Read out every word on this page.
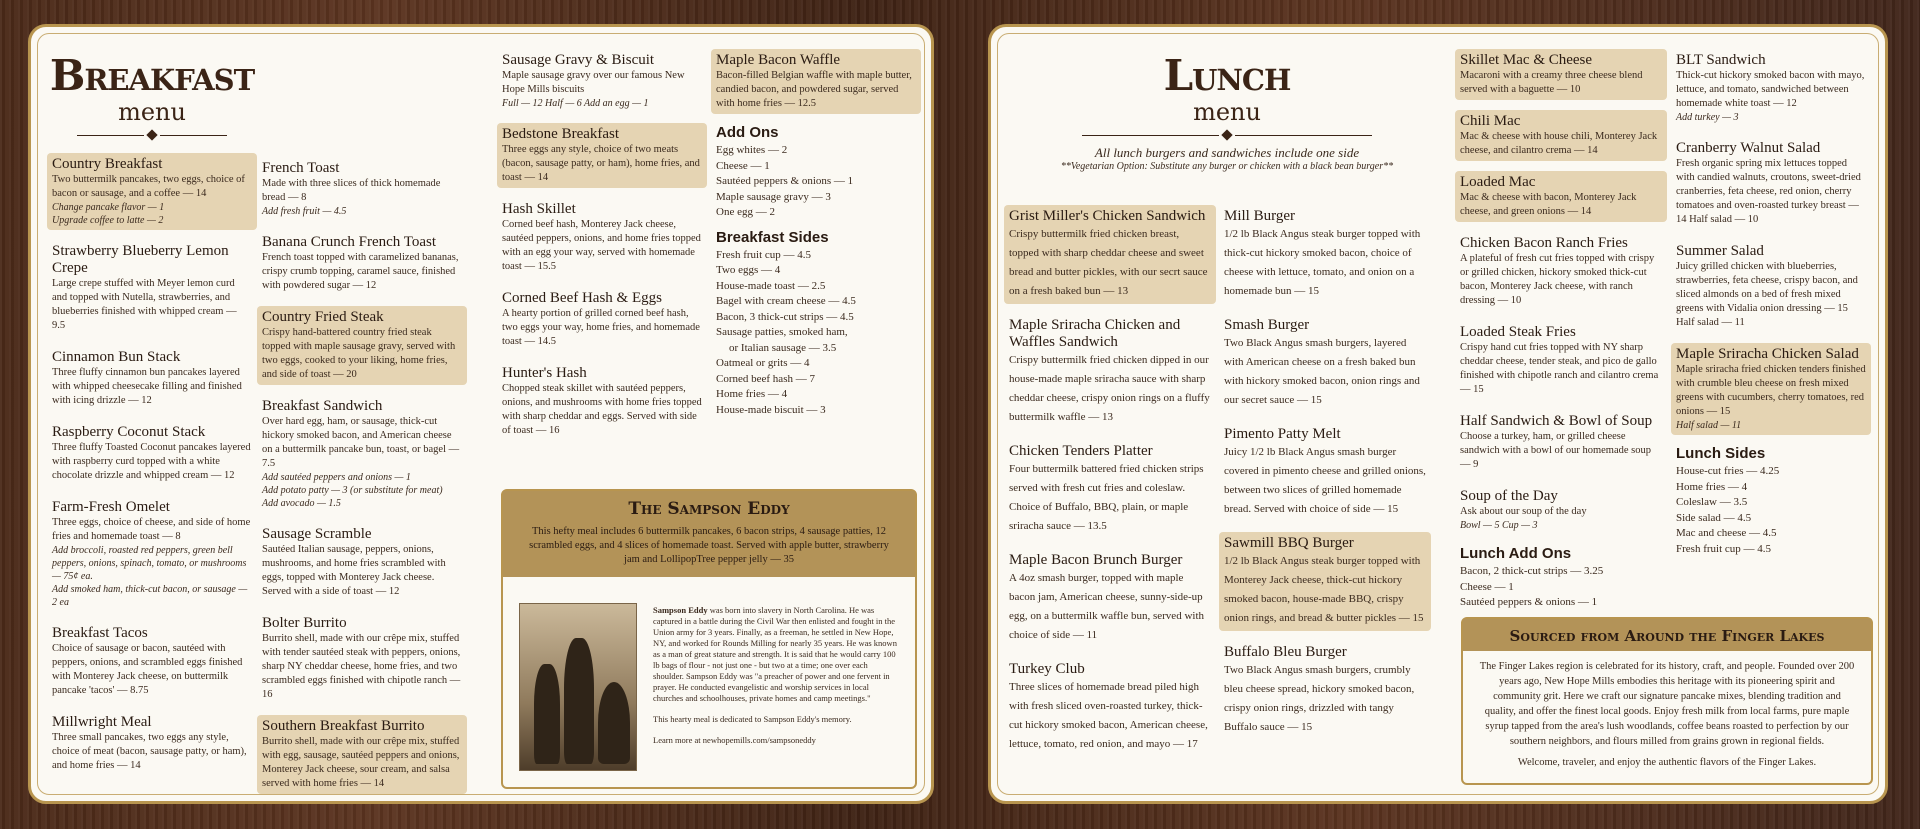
Breakfast
menu
Country Breakfast
Two buttermilk pancakes, two eggs, choice of bacon or sausage, and a coffee — 14
Change pancake flavor — 1
Upgrade coffee to latte — 2
Strawberry Blueberry Lemon Crepe
Large crepe stuffed with Meyer lemon curd and topped with Nutella, strawberries, and blueberries finished with whipped cream — 9.5
Cinnamon Bun Stack
Three fluffy cinnamon bun pancakes layered with whipped cheesecake filling and finished with icing drizzle — 12
Raspberry Coconut Stack
Three fluffy Toasted Coconut pancakes layered with raspberry curd topped with a white chocolate drizzle and whipped cream — 12
Farm-Fresh Omelet
Three eggs, choice of cheese, and side of home fries and homemade toast — 8
Add broccoli, roasted red peppers, green bell peppers, onions, spinach, tomato, or mushrooms — 75¢ ea.
Add smoked ham, thick-cut bacon, or sausage — 2 ea
Breakfast Tacos
Choice of sausage or bacon, sautéed with peppers, onions, and scrambled eggs finished with Monterey Jack cheese, on buttermilk pancake 'tacos' — 8.75
Millwright Meal
Three small pancakes, two eggs any style, choice of meat (bacon, sausage patty, or ham), and home fries — 14
French Toast
Made with three slices of thick homemade bread — 8
Add fresh fruit — 4.5
Banana Crunch French Toast
French toast topped with caramelized bananas, crispy crumb topping, caramel sauce, finished with powdered sugar — 12
Country Fried Steak
Crispy hand-battered country fried steak topped with maple sausage gravy, served with two eggs, cooked to your liking, home fries, and side of toast — 20
Breakfast Sandwich
Over hard egg, ham, or sausage, thick-cut hickory smoked bacon, and American cheese on a buttermilk pancake bun, toast, or bagel — 7.5
Add sautéed peppers and onions — 1
Add potato patty — 3 (or substitute for meat)
Add avocado — 1.5
Sausage Scramble
Sautéed Italian sausage, peppers, onions, mushrooms, and home fries scrambled with eggs, topped with Monterey Jack cheese. Served with a side of toast — 12
Bolter Burrito
Burrito shell, made with our crêpe mix, stuffed with tender sautéed steak with peppers, onions, sharp NY cheddar cheese, home fries, and two scrambled eggs finished with chipotle ranch — 16
Southern Breakfast Burrito
Burrito shell, made with our crêpe mix, stuffed with egg, sausage, sautéed peppers and onions, Monterey Jack cheese, sour cream, and salsa served with home fries — 14
Sausage Gravy & Biscuit
Maple sausage gravy over our famous New Hope Mills biscuits
Full — 12 Half — 6 Add an egg — 1
Bedstone Breakfast
Three eggs any style, choice of two meats (bacon, sausage patty, or ham), home fries, and toast — 14
Hash Skillet
Corned beef hash, Monterey Jack cheese, sautéed peppers, onions, and home fries topped with an egg your way, served with homemade toast — 15.5
Corned Beef Hash & Eggs
A hearty portion of grilled corned beef hash, two eggs your way, home fries, and homemade toast — 14.5
Hunter's Hash
Chopped steak skillet with sautéed peppers, onions, and mushrooms with home fries topped with sharp cheddar and eggs. Served with side of toast — 16
Maple Bacon Waffle
Bacon-filled Belgian waffle with maple butter, candied bacon, and powdered sugar, served with home fries — 12.5
Add Ons
Egg whites — 2
Cheese — 1
Sautéed peppers & onions — 1
Maple sausage gravy — 3
One egg — 2
Breakfast Sides
Fresh fruit cup — 4.5
Two eggs — 4
House-made toast — 2.5
Bagel with cream cheese — 4.5
Bacon, 3 thick-cut strips — 4.5
Sausage patties, smoked ham,
or Italian sausage — 3.5
Oatmeal or grits — 4
Corned beef hash — 7
Home fries — 4
House-made biscuit — 3
The Sampson Eddy
This hefty meal includes 6 buttermilk pancakes, 6 bacon strips, 4 sausage patties, 12 scrambled eggs, and 4 slices of homemade toast. Served with apple butter, strawberry jam and LollipopTree pepper jelly — 35
Sampson Eddy was born into slavery in North Carolina. He was captured in a battle during the Civil War then enlisted and fought in the Union army for 3 years. Finally, as a freeman, he settled in New Hope, NY, and worked for Rounds Milling for nearly 35 years. He was known as a man of great stature and strength. It is said that he would carry 100 lb bags of flour - not just one - but two at a time; one over each shoulder. Sampson Eddy was "a preacher of power and one fervent in prayer. He conducted evangelistic and worship services in local churches and schoolhouses, private homes and camp meetings."
This hearty meal is dedicated to Sampson Eddy's memory.
Learn more at newhopemills.com/sampsoneddy
Lunch
menu
All lunch burgers and sandwiches include one side
**Vegetarian Option: Substitute any burger or chicken with a black bean burger**
Grist Miller's Chicken Sandwich
Crispy buttermilk fried chicken breast, topped with sharp cheddar cheese and sweet bread and butter pickles, with our secrt sauce on a fresh baked bun — 13
Maple Sriracha Chicken and Waffles Sandwich
Crispy buttermilk fried chicken dipped in our house-made maple sriracha sauce with sharp cheddar cheese, crispy onion rings on a fluffy buttermilk waffle — 13
Chicken Tenders Platter
Four buttermilk battered fried chicken strips served with fresh cut fries and coleslaw. Choice of Buffalo, BBQ, plain, or maple sriracha sauce — 13.5
Maple Bacon Brunch Burger
A 4oz smash burger, topped with maple bacon jam, American cheese, sunny-side-up egg, on a buttermilk waffle bun, served with choice of side — 11
Turkey Club
Three slices of homemade bread piled high with fresh sliced oven-roasted turkey, thick-cut hickory smoked bacon, American cheese, lettuce, tomato, red onion, and mayo — 17
Mill Burger
1/2 lb Black Angus steak burger topped with thick-cut hickory smoked bacon, choice of cheese with lettuce, tomato, and onion on a homemade bun — 15
Smash Burger
Two Black Angus smash burgers, layered with American cheese on a fresh baked bun with hickory smoked bacon, onion rings and our secret sauce — 15
Pimento Patty Melt
Juicy 1/2 lb Black Angus smash burger covered in pimento cheese and grilled onions, between two slices of grilled homemade bread. Served with choice of side — 15
Sawmill BBQ Burger
1/2 lb Black Angus steak burger topped with Monterey Jack cheese, thick-cut hickory smoked bacon, house-made BBQ, crispy onion rings, and bread & butter pickles — 15
Buffalo Bleu Burger
Two Black Angus smash burgers, crumbly bleu cheese spread, hickory smoked bacon, crispy onion rings, drizzled with tangy Buffalo sauce — 15
Skillet Mac & Cheese
Macaroni with a creamy three cheese blend served with a baguette — 10
Chili Mac
Mac & cheese with house chili, Monterey Jack cheese, and cilantro crema — 14
Loaded Mac
Mac & cheese with bacon, Monterey Jack cheese, and green onions — 14
Chicken Bacon Ranch Fries
A plateful of fresh cut fries topped with crispy or grilled chicken, hickory smoked thick-cut bacon, Monterey Jack cheese, with ranch dressing — 10
Loaded Steak Fries
Crispy hand cut fries topped with NY sharp cheddar cheese, tender steak, and pico de gallo finished with chipotle ranch and cilantro crema — 15
Half Sandwich & Bowl of Soup
Choose a turkey, ham, or grilled cheese sandwich with a bowl of our homemade soup — 9
Soup of the Day
Ask about our soup of the day
Bowl — 5 Cup — 3
Lunch Add Ons
Bacon, 2 thick-cut strips — 3.25
Cheese — 1
Sautéed peppers & onions — 1
BLT Sandwich
Thick-cut hickory smoked bacon with mayo, lettuce, and tomato, sandwiched between homemade white toast — 12
Add turkey — 3
Cranberry Walnut Salad
Fresh organic spring mix lettuces topped with candied walnuts, croutons, sweet-dried cranberries, feta cheese, red onion, cherry tomatoes and oven-roasted turkey breast — 14 Half salad — 10
Summer Salad
Juicy grilled chicken with blueberries, strawberries, feta cheese, crispy bacon, and sliced almonds on a bed of fresh mixed greens with Vidalia onion dressing — 15 Half salad — 11
Maple Sriracha Chicken Salad
Maple sriracha fried chicken tenders finished with crumble bleu cheese on fresh mixed greens with cucumbers, cherry tomatoes, red onions — 15
Half salad — 11
Lunch Sides
House-cut fries — 4.25
Home fries — 4
Coleslaw — 3.5
Side salad — 4.5
Mac and cheese — 4.5
Fresh fruit cup — 4.5
Sourced from Around the Finger Lakes
The Finger Lakes region is celebrated for its history, craft, and people. Founded over 200 years ago, New Hope Mills embodies this heritage with its pioneering spirit and community grit. Here we craft our signature pancake mixes, blending tradition and quality, and offer the finest local goods. Enjoy fresh milk from local farms, pure maple syrup tapped from the area's lush woodlands, coffee beans roasted to perfection by our southern neighbors, and flours milled from grains grown in regional fields.
Welcome, traveler, and enjoy the authentic flavors of the Finger Lakes.
